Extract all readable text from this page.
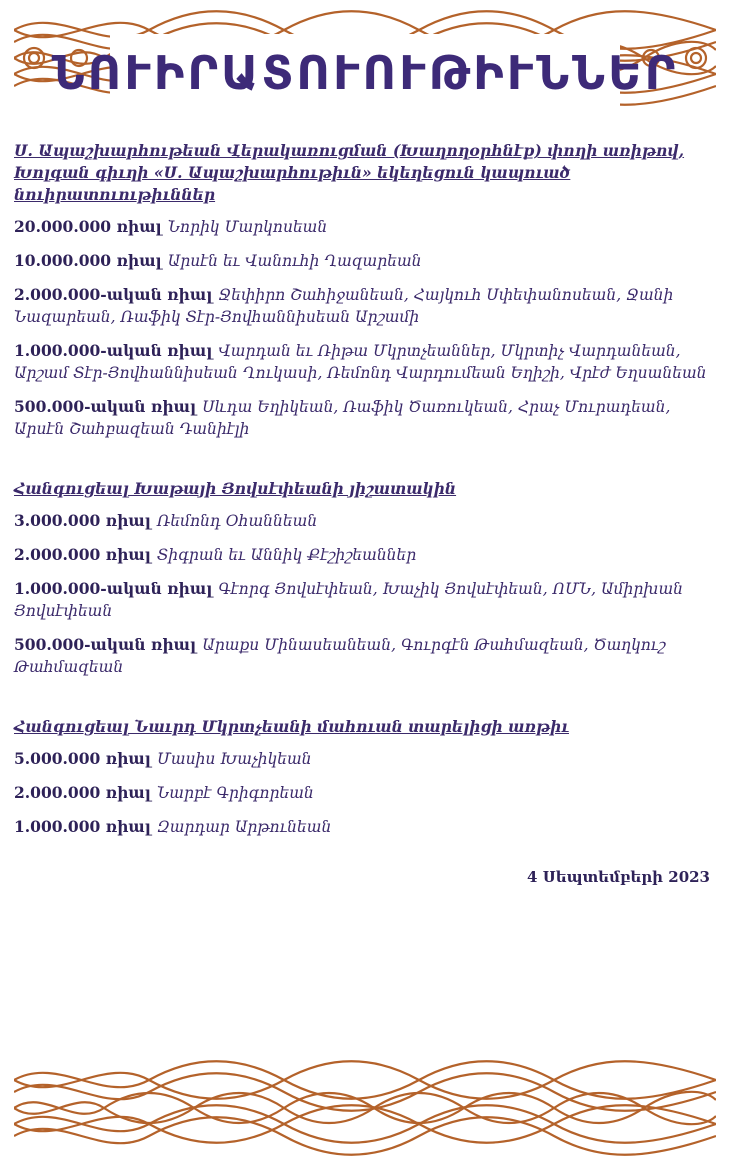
ՆՈՒԻՐԱՏՈՒՈՒԹԻՒՆՆԵՐ
Ս. Ապաշխարհութեան Վերակառուցման (Խաղողօրհնէք) փողի առիթով,
Խոլգան գիւղի «Ս. Ապաշխարհութիւն» եկեղեցուն կապուած նուիրատուութիւններ
20.000.000 ռիալ Նորիկ Մարկոսեան
10.000.000 ռիալ Արսէն եւ Վանուհի Ղազարեան
2.000.000-ական ռիալ Ջեփիրո Շահիջանեան, Հայկուհ Սփեփանոսեան, Ջանի Նազարեան, Ռաֆիկ Տէր-Յովհաննիսեան Արշամի
1.000.000-ական ռիալ Վարդան եւ Ռիթա Մկրտչեաններ, Մկրտիչ Վարդանեան, Արշամ Տէր-Յովհաննիսեան Ղուկասի, Ռեմոնդ Վարդումեան Եղիշի, Վրէժ Եղսանեան
500.000-ական ռիալ Սևդա Եղիկեան, Ռաֆիկ Ծառուկեան, Հրաչ Մուրադեան, Արսէն Շահբազեան Դանիէլի
Հանգուցեալ Խաթայի Յովսէփեանի յիշատակին
3.000.000 ռիալ Ռեմոնդ Օհաննեան
2.000.000 ռիալ Տիգրան եւ Աննիկ Քէշիշեաններ
1.000.000-ական ռիալ Գէորգ Յովսէփեան, Խաչիկ Յովսէփեան, ՈՄՆ, Ամիրխան Յովսէփեան
500.000-ական ռիալ Արաքս Մինասեանեան, Գուրգէն Թահմազեան, Ծաղկուշ Թահմազեան
Հանգուցեալ Նաւրդ Մկրտչեանի մահուան տարելիցի առթիւ
5.000.000 ռիալ Մասիս Խաչիկեան
2.000.000 ռիալ Նարբէ Գրիգորեան
1.000.000 ռիալ Զարդար Արթունեան
4 Սեպտեմբերի 2023
